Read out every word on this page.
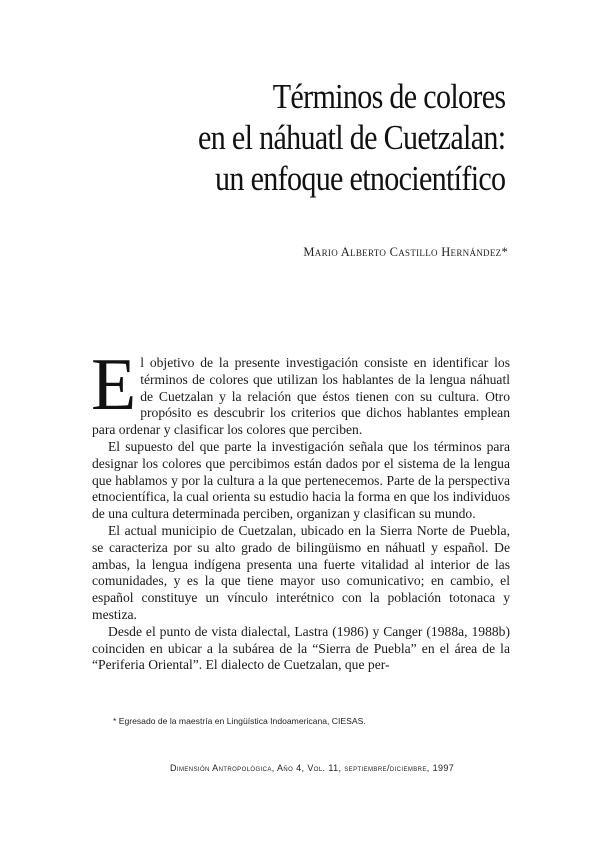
Términos de colores
en el náhuatl de Cuetzalan:
un enfoque etnocientífico
Mario Alberto Castillo Hernández*

El objetivo de la presente investigación consiste en identificar los términos de colores que utilizan los hablantes de la lengua náhuatl de Cuetzalan y la relación que éstos tienen con su cultura. Otro propósito es descubrir los criterios que dichos hablantes emplean para ordenar y clasificar los colores que perciben.

El supuesto del que parte la investigación señala que los términos para designar los colores que percibimos están dados por el sistema de la lengua que hablamos y por la cultura a la que pertenecemos. Parte de la perspectiva etnocientífica, la cual orienta su estudio hacia la forma en que los individuos de una cultura determinada perciben, organizan y clasifican su mundo.

El actual municipio de Cuetzalan, ubicado en la Sierra Norte de Puebla, se caracteriza por su alto grado de bilingüismo en náhuatl y español. De ambas, la lengua indígena presenta una fuerte vitalidad al interior de las comunidades, y es la que tiene mayor uso comunicativo; en cambio, el español constituye un vínculo interétnico con la población totonaca y mestiza.

Desde el punto de vista dialectal, Lastra (1986) y Canger (1988a, 1988b) coinciden en ubicar a la subárea de la “Sierra de Puebla” en el área de la “Periferia Oriental”. El dialecto de Cuetzalan, que per-

* Egresado de la maestría en Lingüística Indoamericana, CIESAS.
Dimensión Antropológica, Año 4, Vol. 11, septiembre/diciembre, 1997
